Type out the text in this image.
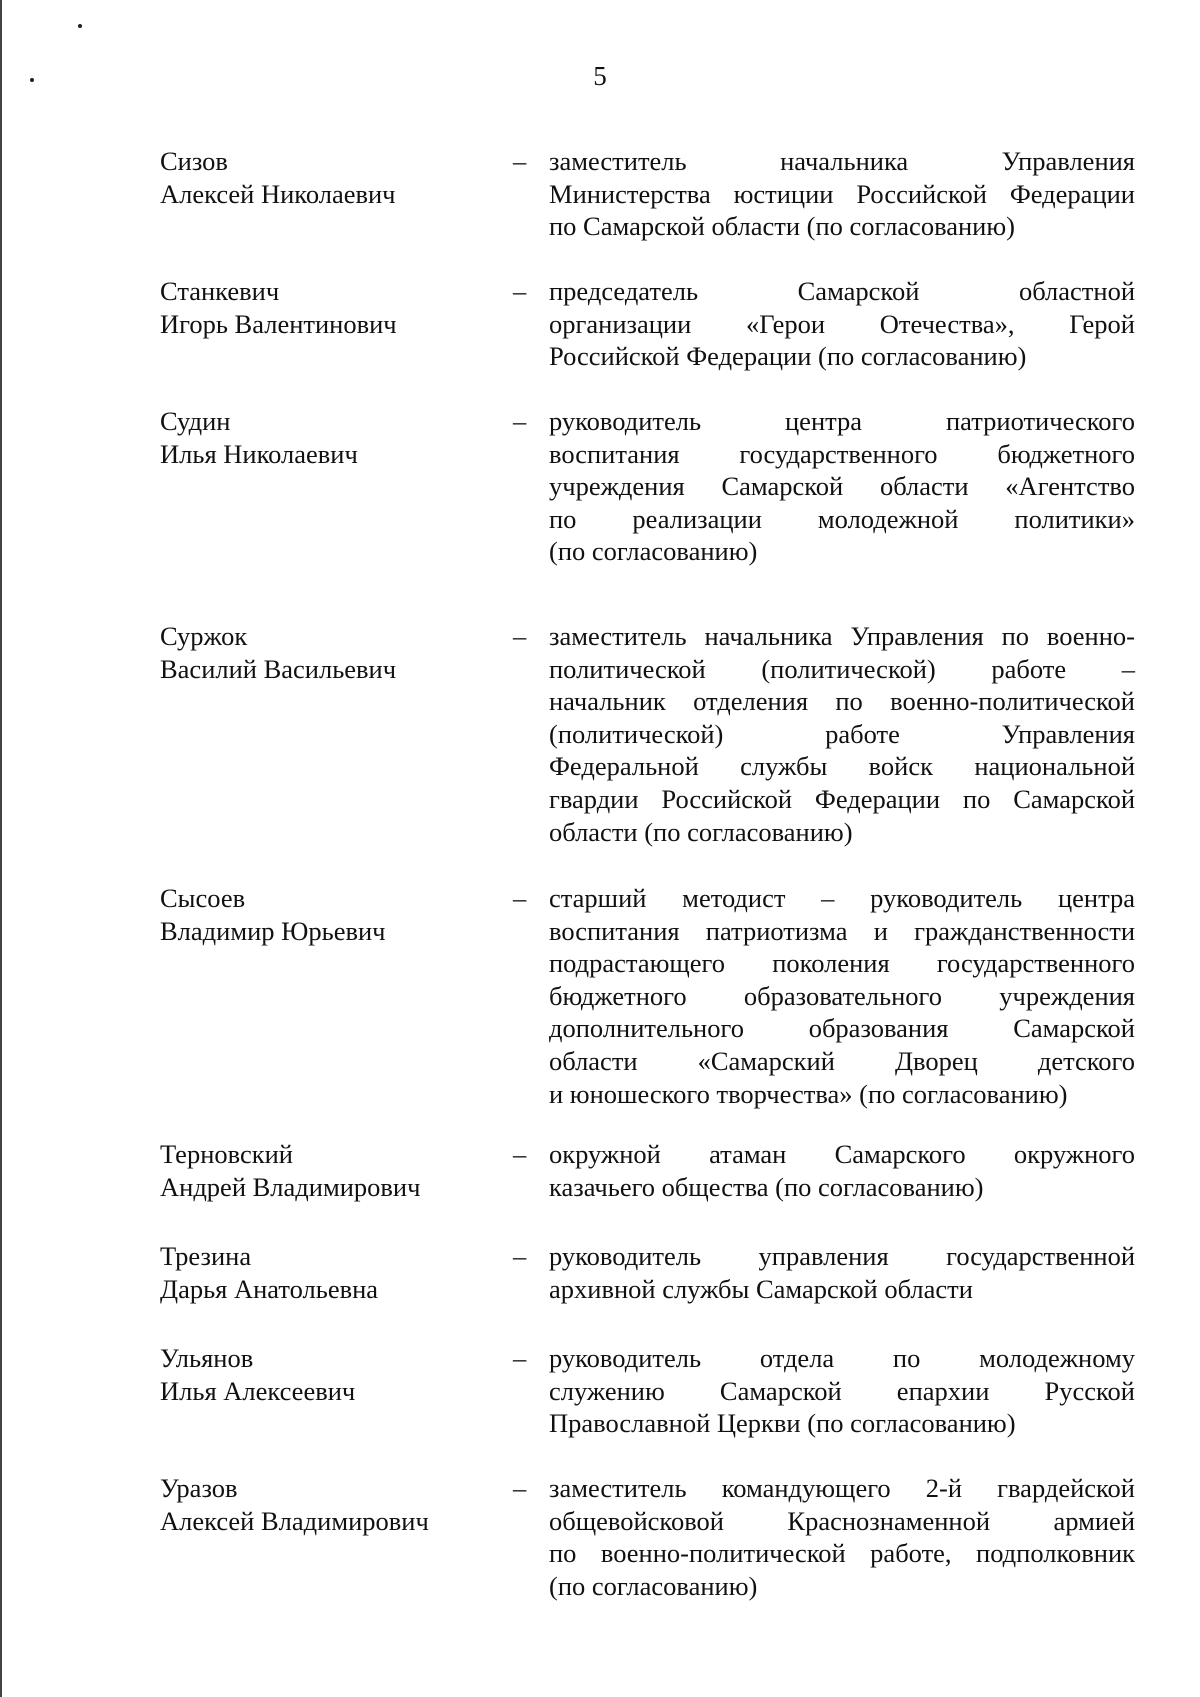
5
Сизов
Алексей Николаевич
– заместитель начальника Управления
Министерства юстиции Российской Федерации
по Самарской области (по согласованию)
Станкевич
Игорь Валентинович
– председатель Самарской областной
организации «Герои Отечества», Герой
Российской Федерации (по согласованию)
Судин
Илья Николаевич
– руководитель центра патриотического
воспитания государственного бюджетного
учреждения Самарской области «Агентство
по реализации молодежной политики»
(по согласованию)
Суржок
Василий Васильевич
– заместитель начальника Управления по военно-
политической (политической) работе –
начальник отделения по военно-политической
(политической) работе Управления
Федеральной службы войск национальной
гвардии Российской Федерации по Самарской
области (по согласованию)
Сысоев
Владимир Юрьевич
– старший методист – руководитель центра
воспитания патриотизма и гражданственности
подрастающего поколения государственного
бюджетного образовательного учреждения
дополнительного образования Самарской
области «Самарский Дворец детского
и юношеского творчества» (по согласованию)
Терновский
Андрей Владимирович
– окружной атаман Самарского окружного
казачьего общества (по согласованию)
Трезина
Дарья Анатольевна
– руководитель управления государственной
архивной службы Самарской области
Ульянов
Илья Алексеевич
– руководитель отдела по молодежному
служению Самарской епархии Русской
Православной Церкви (по согласованию)
Уразов
Алексей Владимирович
– заместитель командующего 2-й гвардейской
общевойсковой Краснознаменной армией
по военно-политической работе, подполковник
(по согласованию)
